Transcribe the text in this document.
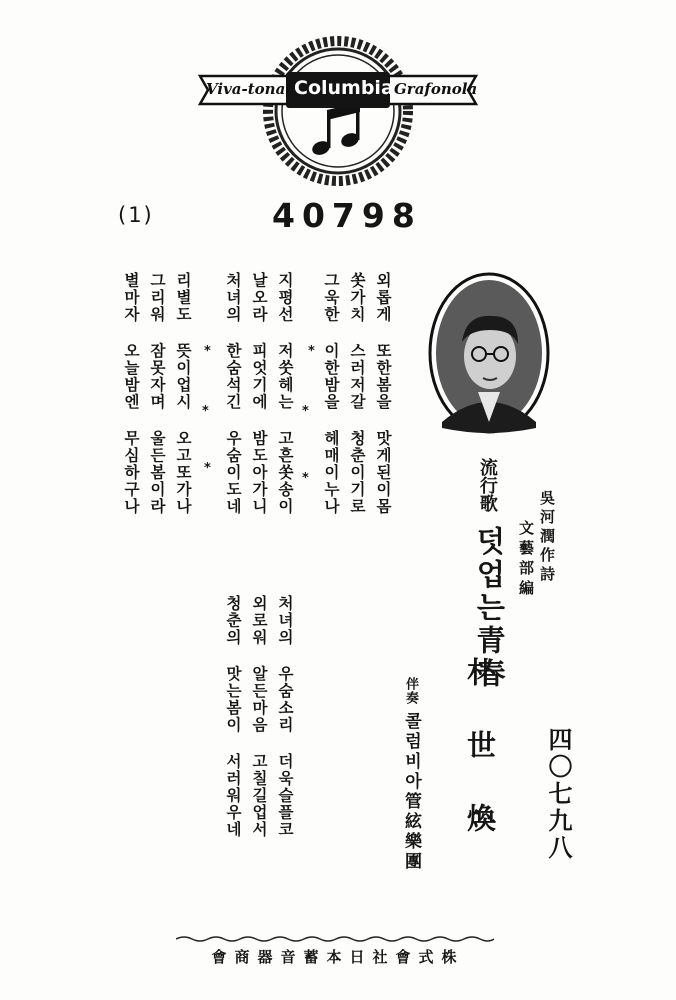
Viva-tonal Columbia Grafonola
(1)	40798
외롭게 또한봄을 맛게된이몸
쏫가치 스러저갈 청춘이기로
그욱한 이한밤을 헤매이누나
*
*
*
지평선 저쑷헤는 고흔쏫송이
날오라 피엇기에 밤도아가니
처녀의 한숨석긴 우숨이도네
*
*
*
리별도 뜻이업시 오고또가나
그리워 잠못자며 울든봄이라
별마자 오늘밤엔 무심하구나
처녀의 우숨소리 더욱슬플코
외로워 알든마음 고칠길업서
청춘의 맛는봄이 서러워우네
流行歌
吳河潤作詩
文藝部編
덧업는青春
朴世煥
伴奏
콜럼비아管絃樂團	四〇七九八
會商器音蓄本日社會式株
